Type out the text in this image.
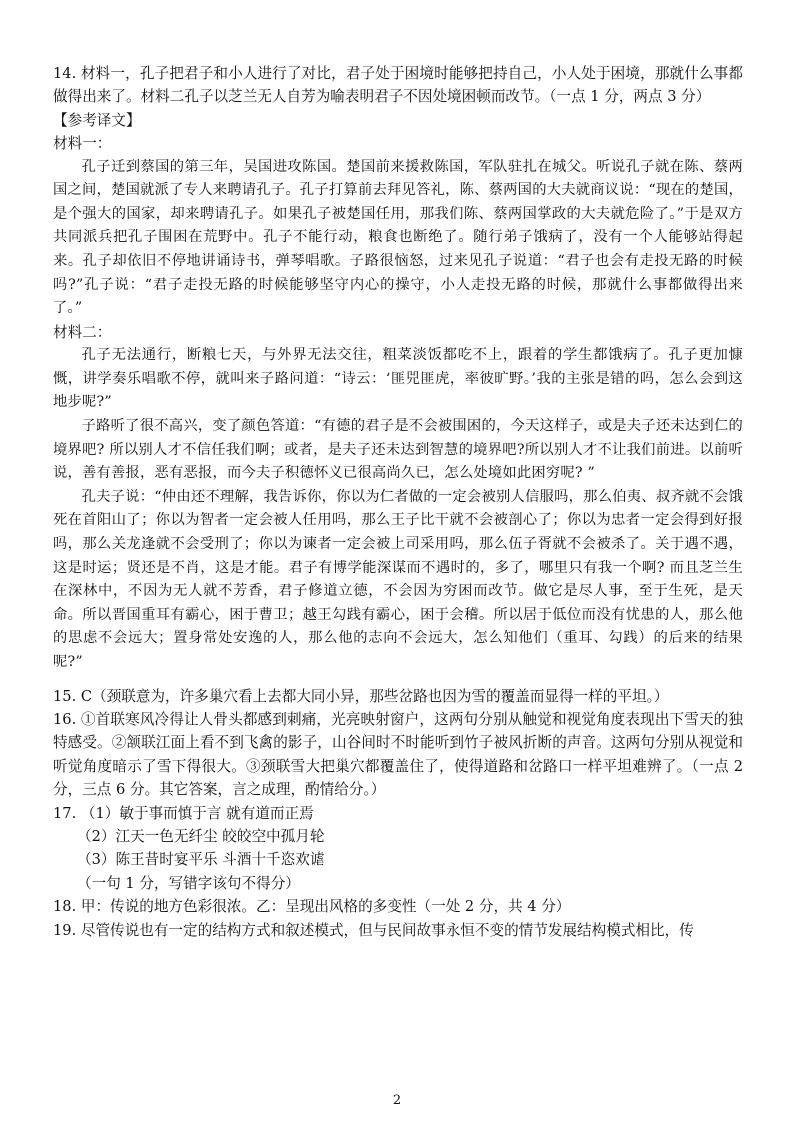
14. 材料一，孔子把君子和小人进行了对比，君子处于困境时能够把持自己，小人处于困境，那就什么事都做得出来了。材料二孔子以芝兰无人自芳为喻表明君子不因处境困顿而改节。（一点 1 分，两点 3 分）

【参考译文】

材料一：

孔子迁到蔡国的第三年，吴国进攻陈国。楚国前来援救陈国，军队驻扎在城父。听说孔子就在陈、蔡两国之间，楚国就派了专人来聘请孔子。孔子打算前去拜见答礼，陈、蔡两国的大夫就商议说：“现在的楚国，是个强大的国家，却来聘请孔子。如果孔子被楚国任用，那我们陈、蔡两国掌政的大夫就危险了。”于是双方共同派兵把孔子围困在荒野中。孔子不能行动，粮食也断绝了。随行弟子饿病了，没有一个人能够站得起来。孔子却依旧不停地讲诵诗书，弹琴唱歌。子路很恼怒，过来见孔子说道：“君子也会有走投无路的时候吗?”孔子说：“君子走投无路的时候能够坚守内心的操守，小人走投无路的时候，那就什么事都做得出来了。”

材料二：

孔子无法通行，断粮七天，与外界无法交往，粗菜淡饭都吃不上，跟着的学生都饿病了。孔子更加慷慨，讲学奏乐唱歌不停，就叫来子路问道：“诗云：‘匪兕匪虎，率彼旷野。’我的主张是错的吗，怎么会到这地步呢?”

子路听了很不高兴，变了颜色答道：“有德的君子是不会被围困的，今天这样子，或是夫子还未达到仁的境界吧? 所以别人才不信任我们啊；或者，是夫子还未达到智慧的境界吧?所以别人才不让我们前进。以前听说，善有善报，恶有恶报，而今夫子积德怀义已很高尚久已，怎么处境如此困穷呢? ”

孔夫子说：“仲由还不理解，我告诉你，你以为仁者做的一定会被别人信服吗，那么伯夷、叔齐就不会饿死在首阳山了；你以为智者一定会被人任用吗，那么王子比干就不会被剖心了；你以为忠者一定会得到好报吗，那么关龙逢就不会受刑了；你以为谏者一定会被上司采用吗，那么伍子胥就不会被杀了。关于遇不遇，这是时运；贤还是不肖，这是才能。君子有博学能深谋而不遇时的，多了，哪里只有我一个啊? 而且芝兰生在深林中，不因为无人就不芳香，君子修道立德，不会因为穷困而改节。做它是尽人事，至于生死，是天命。所以晋国重耳有霸心，困于曹卫；越王勾践有霸心，困于会稽。所以居于低位而没有忧患的人，那么他的思虑不会远大；置身常处安逸的人，那么他的志向不会远大，怎么知他们（重耳、勾践）的后来的结果呢?”

15. C（颈联意为，许多巢穴看上去都大同小异，那些岔路也因为雪的覆盖而显得一样的平坦。）

16. ①首联寒风冷得让人骨头都感到刺痛，光亮映射窗户，这两句分别从触觉和视觉角度表现出下雪天的独特感受。②颔联江面上看不到飞禽的影子，山谷间时不时能听到竹子被风折断的声音。这两句分别从视觉和听觉角度暗示了雪下得很大。③颈联雪大把巢穴都覆盖住了，使得道路和岔路口一样平坦难辨了。（一点 2 分，三点 6 分。其它答案，言之成理，酌情给分。）

17. （1）敏于事而慎于言 就有道而正焉

（2）江天一色无纤尘 皎皎空中孤月轮

（3）陈王昔时宴平乐 斗酒十千恣欢谑

（一句 1 分，写错字该句不得分）

18. 甲：传说的地方色彩很浓。乙：呈现出风格的多变性（一处 2 分，共 4 分）

19. 尽管传说也有一定的结构方式和叙述模式，但与民间故事永恒不变的情节发展结构模式相比，传

2
